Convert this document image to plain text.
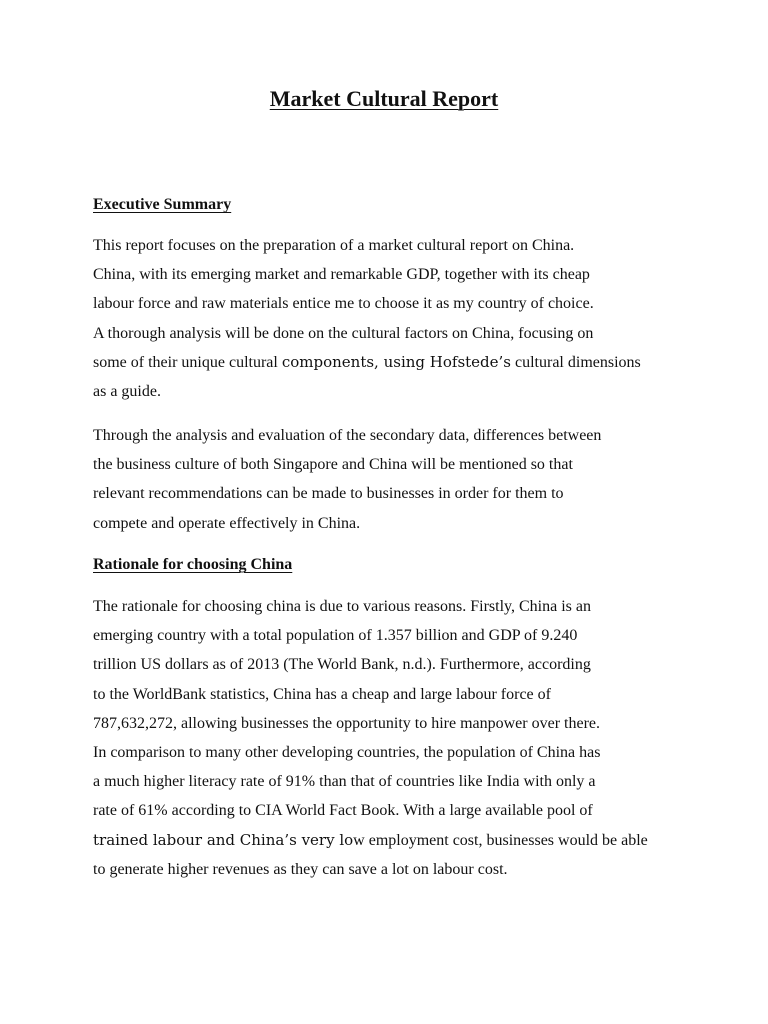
Market Cultural Report
Executive Summary
This report focuses on the preparation of a market cultural report on China.
China, with its emerging market and remarkable GDP, together with its cheap
labour force and raw materials entice me to choose it as my country of choice.
A thorough analysis will be done on the cultural factors on China, focusing on
some of their unique cultural components, using Hofstede’s cultural dimensions
as a guide.
Through the analysis and evaluation of the secondary data, differences between
the business culture of both Singapore and China will be mentioned so that
relevant recommendations can be made to businesses in order for them to
compete and operate effectively in China.
Rationale for choosing China
The rationale for choosing china is due to various reasons. Firstly, China is an
emerging country with a total population of 1.357 billion and GDP of 9.240
trillion US dollars as of 2013 (The World Bank, n.d.). Furthermore, according
to the WorldBank statistics, China has a cheap and large labour force of
787,632,272, allowing businesses the opportunity to hire manpower over there.
In comparison to many other developing countries, the population of China has
a much higher literacy rate of 91% than that of countries like India with only a
rate of 61% according to CIA World Fact Book. With a large available pool of
trained labour and China’s very low employment cost, businesses would be able
to generate higher revenues as they can save a lot on labour cost.
